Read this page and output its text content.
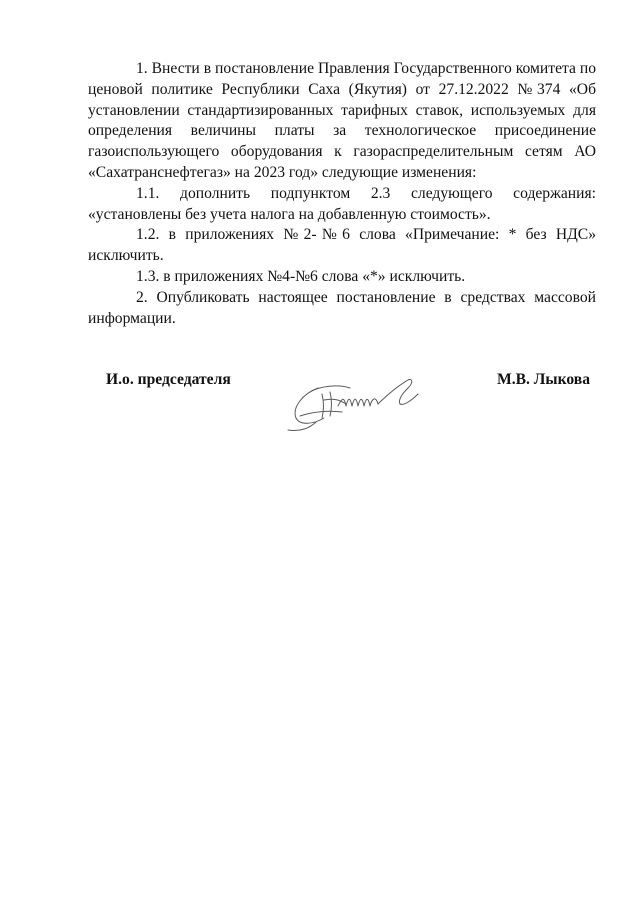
1. Внести в постановление Правления Государственного комитета по ценовой политике Республики Саха (Якутия) от 27.12.2022 №374 «Об установлении стандартизированных тарифных ставок, используемых для определения величины платы за технологическое присоединение газоиспользующего оборудования к газораспределительным сетям АО «Сахатранснефтегаз» на 2023 год» следующие изменения:

1.1. дополнить подпунктом 2.3 следующего содержания: «установлены без учета налога на добавленную стоимость».

1.2. в приложениях №2-№6 слова «Примечание: * без НДС» исключить.

1.3. в приложениях №4-№6 слова «*» исключить.

2. Опубликовать настоящее постановление в средствах массовой информации.

И.о. председателя	М.В. Лыкова
